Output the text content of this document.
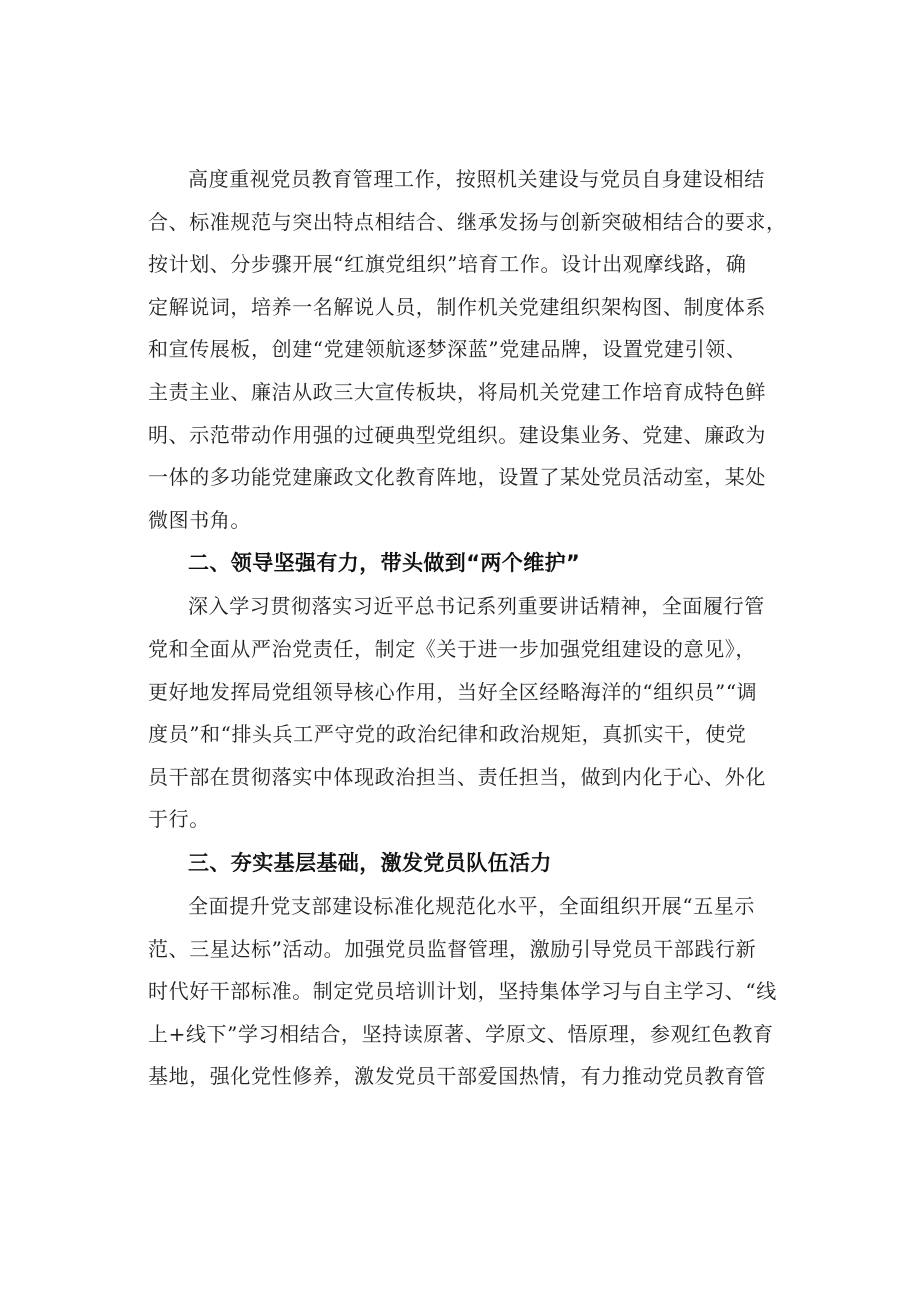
高度重视党员教育管理工作，按照机关建设与党员自身建设相结
合、标准规范与突出特点相结合、继承发扬与创新突破相结合的要求，
按计划、分步骤开展“红旗党组织”培育工作。设计出观摩线路，确
定解说词，培养一名解说人员，制作机关党建组织架构图、制度体系
和宣传展板，创建“党建领航逐梦深蓝”党建品牌，设置党建引领、
主责主业、廉洁从政三大宣传板块，将局机关党建工作培育成特色鲜
明、示范带动作用强的过硬典型党组织。建设集业务、党建、廉政为
一体的多功能党建廉政文化教育阵地，设置了某处党员活动室，某处
微图书角。
二、领导坚强有力，带头做到“两个维护”
深入学习贯彻落实习近平总书记系列重要讲话精神，全面履行管
党和全面从严治党责任，制定《关于进一步加强党组建设的意见》，
更好地发挥局党组领导核心作用，当好全区经略海洋的“组织员”“调
度员”和“排头兵工严守党的政治纪律和政治规矩，真抓实干，使党
员干部在贯彻落实中体现政治担当、责任担当，做到内化于心、外化
于行。
三、夯实基层基础，激发党员队伍活力
全面提升党支部建设标准化规范化水平，全面组织开展“五星示
范、三星达标”活动。加强党员监督管理，激励引导党员干部践行新
时代好干部标准。制定党员培训计划，坚持集体学习与自主学习、“线
上+线下”学习相结合，坚持读原著、学原文、悟原理，参观红色教育
基地，强化党性修养，激发党员干部爱国热情，有力推动党员教育管
